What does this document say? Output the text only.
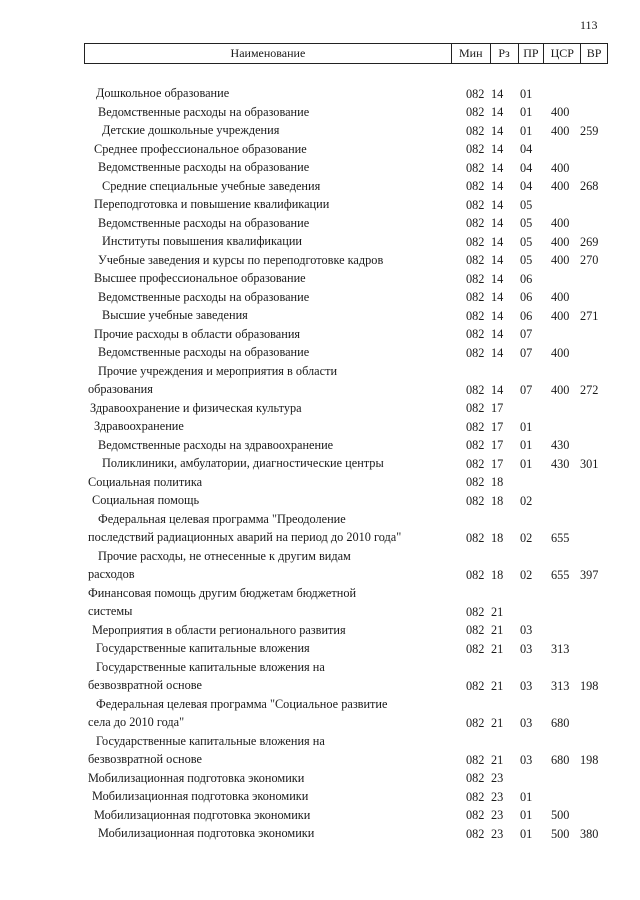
113
Наименование	Мин	Рз	ПР ЦСР	ВР
Дошкольное образование	082 14 01
Ведомственные расходы на образование	082 14 01 400
Детские дошкольные учреждения	082 14 01 400 259
Среднее профессиональное образование	082 14 04
Ведомственные расходы на образование	082 14 04 400
Средние специальные учебные заведения	082 14 04 400 268
Переподготовка и повышение квалификации	082 14 05
Ведомственные расходы на образование	082 14 05 400
Институты повышения квалификации	082 14 05 400 269
Учебные заведения и курсы по переподготовке кадров	082 14 05 400 270
Высшее профессиональное образование	082 14 06
Ведомственные расходы на образование	082 14 06 400
Высшие учебные заведения	082 14 06 400 271
Прочие расходы в области образования	082 14 07
Ведомственные расходы на образование	082 14 07 400
Прочие учреждения и мероприятия в области
образования	082 14 07 400 272
Здравоохранение и физическая культура	082 17
Здравоохранение	082 17 01
Ведомственные расходы на здравоохранение	082 17 01 430
Поликлиники, амбулатории, диагностические центры	082 17 01 430 301
Социальная политика	082 18
Социальная помощь	082 18 02
Федеральная целевая программа "Преодоление
последствий радиационных аварий на период до 2010 года"	082 18 02 655
Прочие расходы, не отнесенные к другим видам
расходов	082 18 02 655 397
Финансовая помощь другим бюджетам бюджетной
системы	082 21
Мероприятия в области регионального развития	082 21 03
Государственные капитальные вложения	082 21 03 313
Государственные капитальные вложения на
безвозвратной основе	082 21 03 313 198
Федеральная целевая программа "Социальное развитие
села до 2010 года"	082 21 03 680
Государственные капитальные вложения на
безвозвратной основе	082 21 03 680 198
Мобилизационная подготовка экономики	082 23
Мобилизационная подготовка экономики	082 23 01
Мобилизационная подготовка экономики	082 23 01 500
Мобилизационная подготовка экономики	082 23 01 500 380
